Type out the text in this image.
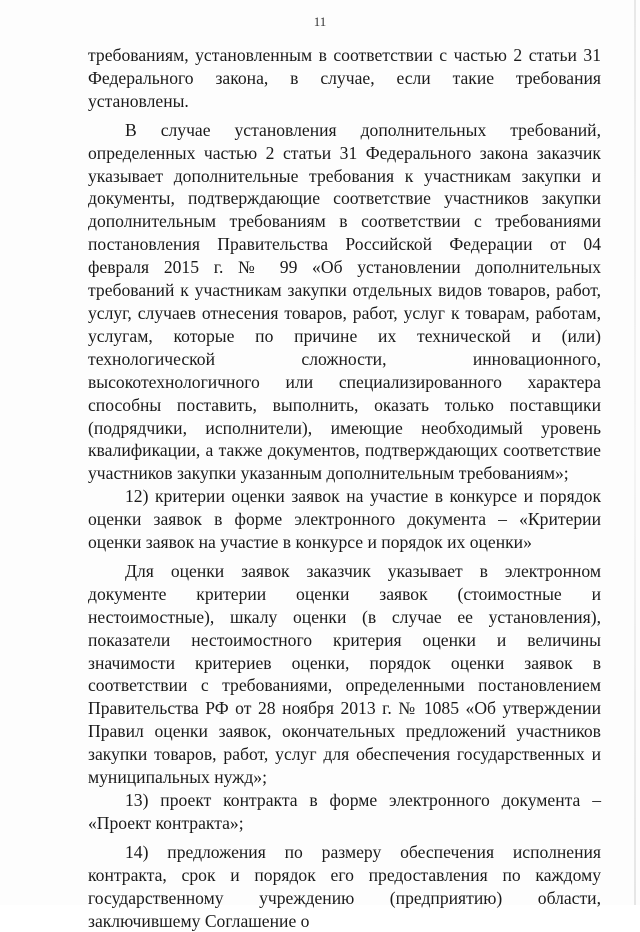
11

требованиям, установленным в соответствии с частью 2 статьи 31 Федерального закона, в случае, если такие требования установлены.

В случае установления дополнительных требований, определенных частью 2 статьи 31 Федерального закона заказчик указывает дополнительные требования к участникам закупки и документы, подтверждающие соответствие участников закупки дополнительным требованиям в соответствии с требованиями постановления Правительства Российской Федерации от 04 февраля 2015 г. № 99 «Об установлении дополнительных требований к участникам закупки отдельных видов товаров, работ, услуг, случаев отнесения товаров, работ, услуг к товарам, работам, услугам, которые по причине их технической и (или) технологической сложности, инновационного, высокотехнологичного или специализированного характера способны поставить, выполнить, оказать только поставщики (подрядчики, исполнители), имеющие необходимый уровень квалификации, а также документов, подтверждающих соответствие участников закупки указанным дополнительным требованиям»;

12) критерии оценки заявок на участие в конкурсе и порядок оценки заявок в форме электронного документа – «Критерии оценки заявок на участие в конкурсе и порядок их оценки»

Для оценки заявок заказчик указывает в электронном документе критерии оценки заявок (стоимостные и нестоимостные), шкалу оценки (в случае ее установления), показатели нестоимостного критерия оценки и величины значимости критериев оценки, порядок оценки заявок в соответствии с требованиями, определенными постановлением Правительства РФ от 28 ноября 2013 г. № 1085 «Об утверждении Правил оценки заявок, окончательных предложений участников закупки товаров, работ, услуг для обеспечения государственных и муниципальных нужд»;

13) проект контракта в форме электронного документа – «Проект контракта»;

14) предложения по размеру обеспечения исполнения контракта, срок и порядок его предоставления по каждому государственному учреждению (предприятию) области, заключившему Соглашение о
